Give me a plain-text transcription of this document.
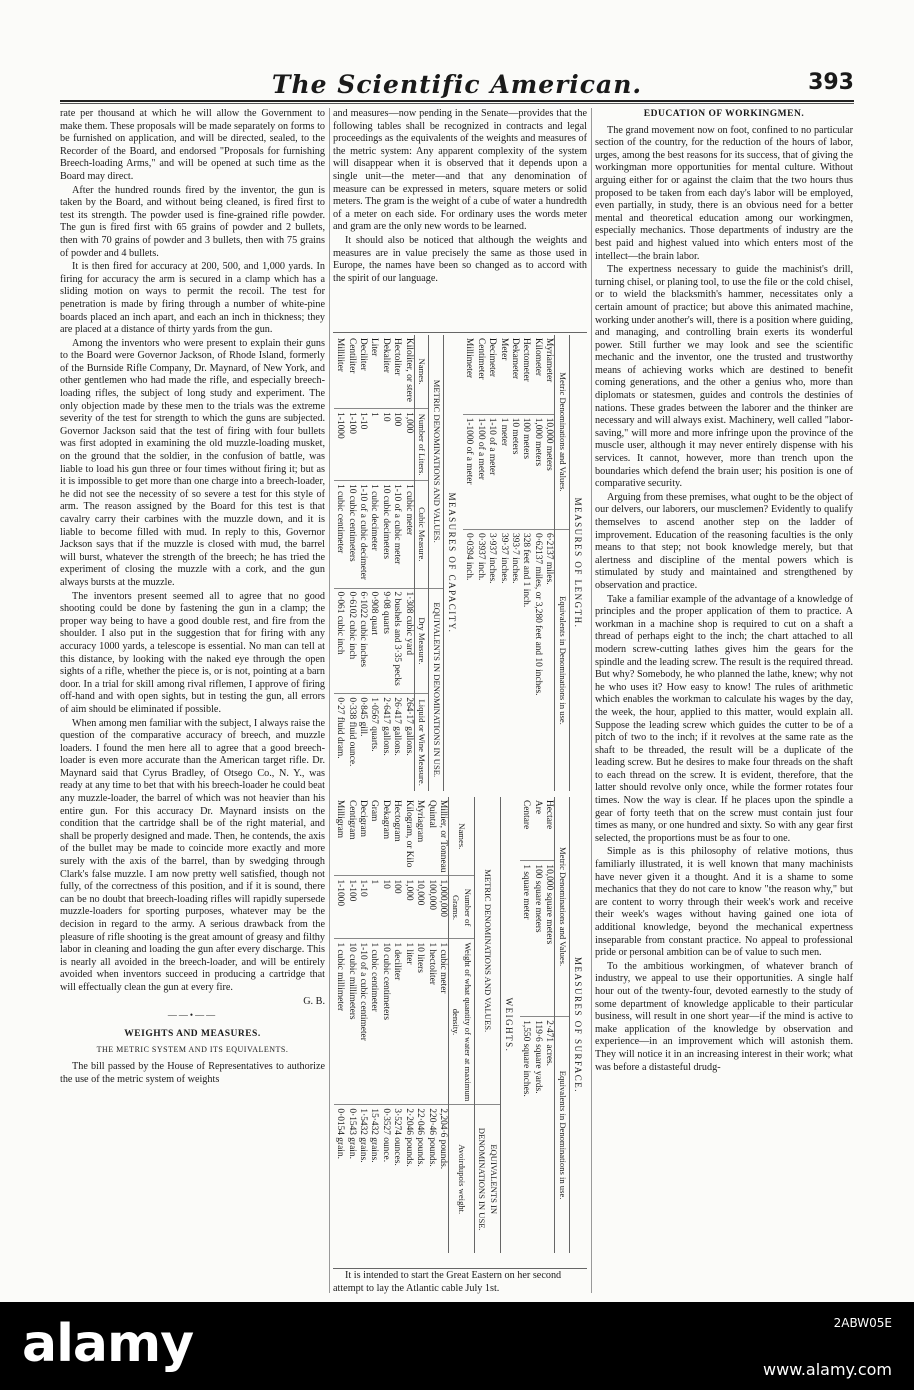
The Scientific American.	393

rate per thousand at which he will allow the Government to make them. These proposals will be made separately on forms to be furnished on application, and will be directed, sealed, to the Recorder of the Board, and endorsed "Proposals for furnishing Breech-loading Arms," and will be opened at such time as the Board may direct.

After the hundred rounds fired by the inventor, the gun is taken by the Board, and without being cleaned, is fired first to test its strength. The powder used is fine-grained rifle powder. The gun is fired first with 65 grains of powder and 2 bullets, then with 70 grains of powder and 3 bullets, then with 75 grains of powder and 4 bullets.

It is then fired for accuracy at 200, 500, and 1,000 yards. In firing for accuracy the arm is secured in a clamp which has a sliding motion on ways to permit the recoil. The test for penetration is made by firing through a number of white-pine boards placed an inch apart, and each an inch in thickness; they are placed at a distance of thirty yards from the gun.

Among the inventors who were present to explain their guns to the Board were Governor Jackson, of Rhode Island, formerly of the Burnside Rifle Company, Dr. Maynard, of New York, and other gentlemen who had made the rifle, and especially breech-loading rifles, the subject of long study and experiment. The only objection made by these men to the trials was the extreme severity of the test for strength to which the guns are subjected. Governor Jackson said that the test of firing with four bullets was first adopted in examining the old muzzle-loading musket, on the ground that the soldier, in the confusion of battle, was liable to load his gun three or four times without firing it; but as it is impossible to get more than one charge into a breech-loader, he did not see the necessity of so severe a test for this style of arm. The reason assigned by the Board for this test is that cavalry carry their carbines with the muzzle down, and it is liable to become filled with mud. In reply to this, Governor Jackson says that if the muzzle is closed with mud, the barrel will burst, whatever the strength of the breech; he has tried the experiment of closing the muzzle with a cork, and the gun always bursts at the muzzle.

The inventors present seemed all to agree that no good shooting could be done by fastening the gun in a clamp; the proper way being to have a good double rest, and fire from the shoulder. I also put in the suggestion that for firing with any accuracy 1000 yards, a telescope is essential. No man can tell at this distance, by looking with the naked eye through the open sights of a rifle, whether the piece is, or is not, pointing at a barn door. In a trial for skill among rival riflemen, I approve of firing off-hand and with open sights, but in testing the gun, all errors of aim should be eliminated if possible.

When among men familiar with the subject, I always raise the question of the comparative accuracy of breech, and muzzle loaders. I found the men here all to agree that a good breech-loader is even more accurate than the American target rifle. Dr. Maynard said that Cyrus Bradley, of Otsego Co., N. Y., was ready at any time to bet that with his breech-loader he could beat any muzzle-loader, the barrel of which was not heavier than his entire gun. For this accuracy Dr. Maynard insists on the condition that the cartridge shall be of the right material, and shall be properly designed and made. Then, he contends, the axis of the bullet may be made to coincide more exactly and more surely with the axis of the barrel, than by swedging through Clark's false muzzle. I am now pretty well satisfied, though not fully, of the correctness of this position, and if it is sound, there can be no doubt that breech-loading rifles will rapidly supersede muzzle-loaders for sporting purposes, whatever may be the decision in regard to the army. A serious drawback from the pleasure of rifle shooting is the great amount of greasy and filthy labor in cleaning and loading the gun after every discharge. This is nearly all avoided in the breech-loader, and will be entirely avoided when inventors succeed in producing a cartridge that will effectually clean the gun at every fire.

G. B.

——•——

WEIGHTS AND MEASURES.

THE METRIC SYSTEM AND ITS EQUIVALENTS.

The bill passed by the House of Representatives to authorize the use of the metric system of weights

and measures—now pending in the Senate—provides that the following tables shall be recognized in contracts and legal proceedings as the equivalents of the weights and measures of the metric system: Any apparent complexity of the system will disappear when it is observed that it depends upon a single unit—the meter—and that any denomination of measure can be expressed in meters, square meters or solid meters. The gram is the weight of a cube of water a hundredth of a meter on each side. For ordinary uses the words meter and gram are the only new words to be learned.

It should also be noticed that although the weights and measures are in value precisely the same as those used in Europe, the names have been so changed as to accord with the spirit of our language.

MEASURES OF LENGTH.
Metric Denominations and Values.		Equivalents in Denominations in use.
Myriameter	10,000 meters	6·2137 miles.
Kilometer	1,000 meters	0·62137 miles, or 3,280 feet and 10 inches.
Hectometer	100 meters	328 feet and 1 inch.
Dekameter	10 meters	393·7 inches.
Meter	1 meter	39·37 inches.
Decimeter	1-10 of a meter	3·937 inches.
Centimeter	1-100 of a meter	0·3937 inch.
Millimeter	1-1000 of a meter	0·0394 inch.
MEASURES OF CAPACITY.
METRIC DENOMINATIONS AND VALUES.			EQUIVALENTS IN DENOMINATIONS IN USE.	
Names.	Number of Liters.	Cubic Measure.	Dry Measure.	Liquid or Wine Measure.
Kiloliter, or stere	1,000	1 cubic meter	1·308 cubic yard	264·17 gallons.
Hectoliter	100	1-10 of a cubic meter	2 bushels and 3·35 pecks	26·417 gallons.
Dekaliter	10	10 cubic decimeters	9·08 quarts	2·6417 gallons.
Liter	1	1 cubic decimeter	0·908 quart	1·0567 quarts.
Deciliter	1-10	1-10 of a cubic decimeter	6·1022 cubic inches	0·845 gill.
Centiliter	1-100	10 cubic centimeters	0·6102 cubic inch	0·338 fluid ounce.
Milliliter	1-1000	1 cubic centimeter	0·061 cubic inch	0·27 fluid dram.
MEASURES OF SURFACE.
Metric Denominations and Values.		Equivalents in Denominations in use.
Hectare	10,000 square meters	2·471 acres.
Are	100 square meters	119·6 square yards.
Centare	1 square meter	1,550 square inches.
WEIGHTS.
METRIC DENOMINATIONS AND VALUES.			EQUIVALENTS IN DENOMINATIONS IN USE.
Names.	Number of Grams.	Weight of what quantity of water at maximum density.	Avoirdupois weight.
Millier, or Tonneau	1,000,000	1 cubic meter	2,204·6 pounds.
Quintal	100,000	1 hectoliter	220·46 pounds.
Myriagram	10,000	10 liters	22·046 pounds.
Kilogram, or Kilo	1,000	1 liter	2·2046 pounds.
Hectogram	100	1 deciliter	3·5274 ounces.
Dekagram	10	10 cubic centimeters	0·3527 ounce.
Gram	1	1 cubic centimeter	15·432 grains.
Decigram	1-10	1-10 of a cubic centimeter	1·5432 grains.
Centigram	1-100	10 cubic millimeters	0·1543 grain.
Milligram	1-1000	1 cubic millimeter	0·0154 grain.
It is intended to start the Great Eastern on her second attempt to lay the Atlantic cable July 1st.

EDUCATION OF WORKINGMEN.

The grand movement now on foot, confined to no particular section of the country, for the reduction of the hours of labor, urges, among the best reasons for its success, that of giving the workingman more opportunities for mental culture. Without arguing either for or against the claim that the two hours thus proposed to be taken from each day's labor will be employed, even partially, in study, there is an obvious need for a better mental and theoretical education among our workingmen, especially mechanics. Those departments of industry are the best paid and highest valued into which enters most of the intellect—the brain labor.

The expertness necessary to guide the machinist's drill, turning chisel, or planing tool, to use the file or the cold chisel, or to wield the blacksmith's hammer, necessitates only a certain amount of practice; but above this animated machine, working under another's will, there is a position where guiding, and managing, and controlling brain exerts its wonderful power. Still further we may look and see the scientific mechanic and the inventor, one the trusted and trustworthy means of achieving works which are destined to benefit coming generations, and the other a genius who, more than diplomats or statesmen, guides and controls the destinies of nations. These grades between the laborer and the thinker are necessary and will always exist. Machinery, well called "labor-saving," will more and more infringe upon the province of the muscle user, although it may never entirely dispense with his services. It cannot, however, more than trench upon the boundaries which defend the brain user; his position is one of comparative security.

Arguing from these premises, what ought to be the object of our delvers, our laborers, our musclemen? Evidently to qualify themselves to ascend another step on the ladder of improvement. Education of the reasoning faculties is the only means to that step; not book knowledge merely, but that alertness and discipline of the mental powers which is stimulated by study and maintained and strengthened by observation and practice.

Take a familiar example of the advantage of a knowledge of principles and the proper application of them to practice. A workman in a machine shop is required to cut on a shaft a thread of perhaps eight to the inch; the chart attached to all modern screw-cutting lathes gives him the gears for the spindle and the leading screw. The result is the required thread. But why? Somebody, he who planned the lathe, knew; why not he who uses it? How easy to know! The rules of arithmetic which enables the workman to calculate his wages by the day, the week, the hour, applied to this matter, would explain all. Suppose the leading screw which guides the cutter to be of a pitch of two to the inch; if it revolves at the same rate as the shaft to be threaded, the result will be a duplicate of the leading screw. But he desires to make four threads on the shaft to each thread on the screw. It is evident, therefore, that the latter should revolve only once, while the former rotates four times. Now the way is clear. If he places upon the spindle a gear of forty teeth that on the screw must contain just four times as many, or one hundred and sixty. So with any gear first selected, the proportions must be as four to one.

Simple as is this philosophy of relative motions, thus familiarly illustrated, it is well known that many machinists have never given it a thought. And it is a shame to some mechanics that they do not care to know "the reason why," but are content to worry through their week's work and receive their week's wages without having gained one iota of additional knowledge, beyond the mechanical expertness inseparable from constant practice. No appeal to professional pride or personal ambition can be of value to such men.

To the ambitious workingmen, of whatever branch of industry, we appeal to use their opportunities. A single half hour out of the twenty-four, devoted earnestly to the study of some department of knowledge applicable to their particular business, will result in one short year—if the mind is active to make application of the knowledge by observation and experience—in an improvement which will astonish them. They will notice it in an increasing interest in their work; what was before a distasteful drudg-

alamy	2ABW05E
www.alamy.com
